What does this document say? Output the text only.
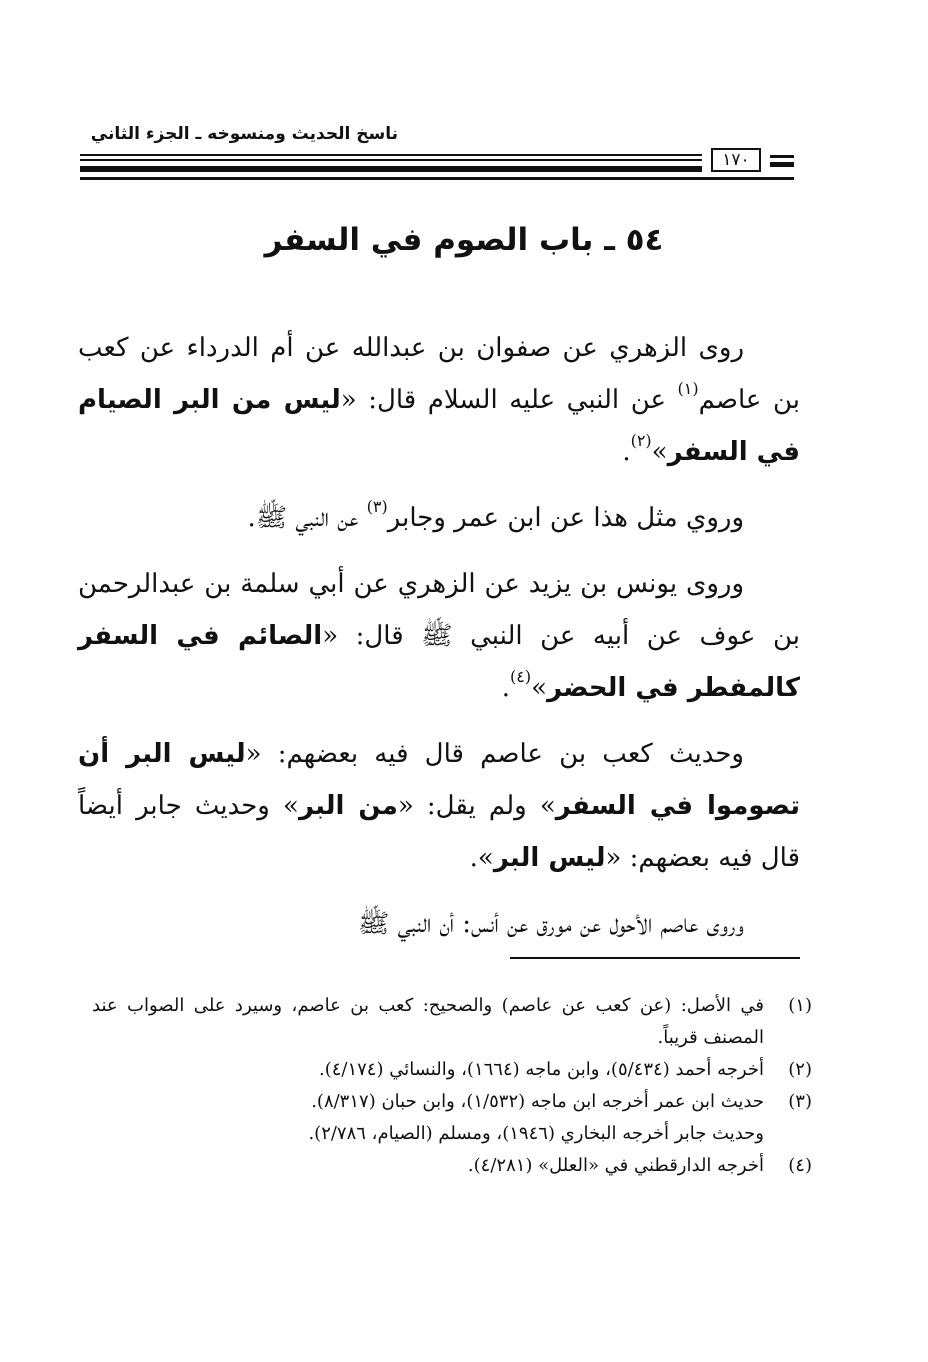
ناسخ الحديث ومنسوخه ـ الجزء الثاني
١٧٠
٥٤ ـ باب الصوم في السفر

روى الزهري عن صفوان بن عبدالله عن أم الدرداء عن كعب بن عاصم$^{(١)}$ عن النبي عليه السلام قال: «ليس من البر الصيام في السفر»$^{(٢)}$.

وروي مثل هذا عن ابن عمر وجابر$^{(٣)}$ عن النبي ﷺ.

وروى يونس بن يزيد عن الزهري عن أبي سلمة بن عبدالرحمن بن عوف عن أبيه عن النبي ﷺ قال: «الصائم في السفر كالمفطر في الحضر»$^{(٤)}$.

وحديث كعب بن عاصم قال فيه بعضهم: «ليس البر أن تصوموا في السفر» ولم يقل: «من البر» وحديث جابر أيضاً قال فيه بعضهم: «ليس البر».

وروى عاصم الأحول عن مورق عن أنس: أن النبي ﷺ

(١)
في الأصل: (عن كعب عن عاصم) والصحيح: كعب بن عاصم، وسيرد على الصواب عند المصنف قريباً.
(٢)
أخرجه أحمد (٥/٤٣٤)، وابن ماجه (١٦٦٤)، والنسائي (٤/١٧٤).
(٣)
حديث ابن عمر أخرجه ابن ماجه (١/٥٣٢)، وابن حبان (٨/٣١٧).
وحديث جابر أخرجه البخاري (١٩٤٦)، ومسلم (الصيام، ٢/٧٨٦).
(٤)
أخرجه الدارقطني في «العلل» (٤/٢٨١).
